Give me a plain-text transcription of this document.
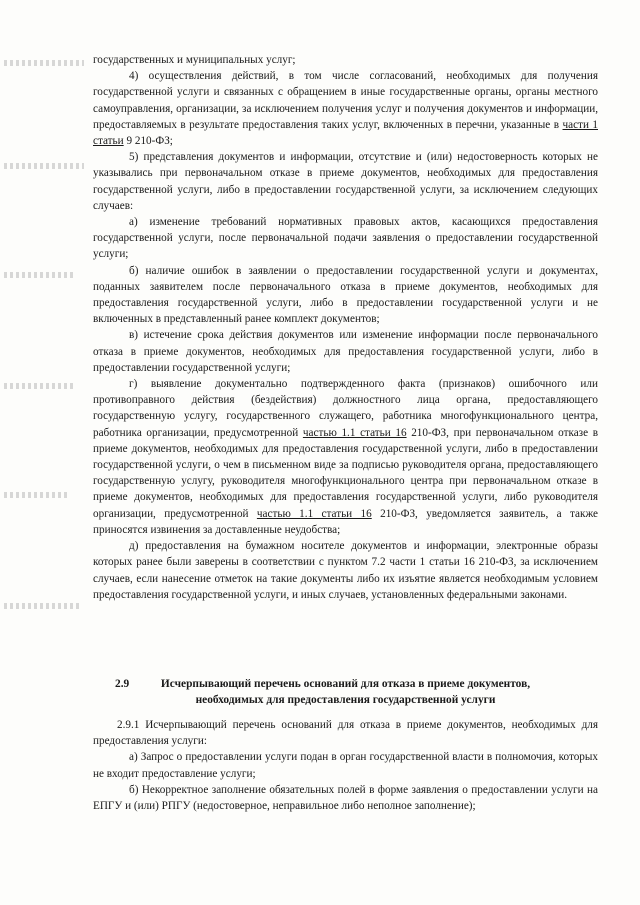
государственных и муниципальных услуг;

4) осуществления действий, в том числе согласований, необходимых для получения государственной услуги и связанных с обращением в иные государственные органы, органы местного самоуправления, организации, за исключением получения услуг и получения документов и информации, предоставляемых в результате предоставления таких услуг, включенных в перечни, указанные в части 1 статьи 9 210-ФЗ;

5) представления документов и информации, отсутствие и (или) недостоверность которых не указывались при первоначальном отказе в приеме документов, необходимых для предоставления государственной услуги, либо в предоставлении государственной услуги, за исключением следующих случаев:

а) изменение требований нормативных правовых актов, касающихся предоставления государственной услуги, после первоначальной подачи заявления о предоставлении государственной услуги;

б) наличие ошибок в заявлении о предоставлении государственной услуги и документах, поданных заявителем после первоначального отказа в приеме документов, необходимых для предоставления государственной услуги, либо в предоставлении государственной услуги и не включенных в представленный ранее комплект документов;

в) истечение срока действия документов или изменение информации после первоначального отказа в приеме документов, необходимых для предоставления государственной услуги, либо в предоставлении государственной услуги;

г) выявление документально подтвержденного факта (признаков) ошибочного или противоправного действия (бездействия) должностного лица органа, предоставляющего государственную услугу, государственного служащего, работника многофункционального центра, работника организации, предусмотренной частью 1.1 статьи 16 210-ФЗ, при первоначальном отказе в приеме документов, необходимых для предоставления государственной услуги, либо в предоставлении государственной услуги, о чем в письменном виде за подписью руководителя органа, предоставляющего государственную услугу, руководителя многофункционального центра при первоначальном отказе в приеме документов, необходимых для предоставления государственной услуги, либо руководителя организации, предусмотренной частью 1.1 статьи 16 210-ФЗ, уведомляется заявитель, а также приносятся извинения за доставленные неудобства;

д) предоставления на бумажном носителе документов и информации, электронные образы которых ранее были заверены в соответствии с пунктом 7.2 части 1 статьи 16 210-ФЗ, за исключением случаев, если нанесение отметок на такие документы либо их изъятие является необходимым условием предоставления государственной услуги, и иных случаев, установленных федеральными законами.

2.9	Исчерпывающий перечень оснований для отказа в приеме документов,
необходимых для предоставления государственной услуги

2.9.1 Исчерпывающий перечень оснований для отказа в приеме документов, необходимых для предоставления услуги:

а) Запрос о предоставлении услуги подан в орган государственной власти в полномочия, которых не входит предоставление услуги;

б) Некорректное заполнение обязательных полей в форме заявления о предоставлении услуги на ЕПГУ и (или) РПГУ (недостоверное, неправильное либо неполное заполнение);
